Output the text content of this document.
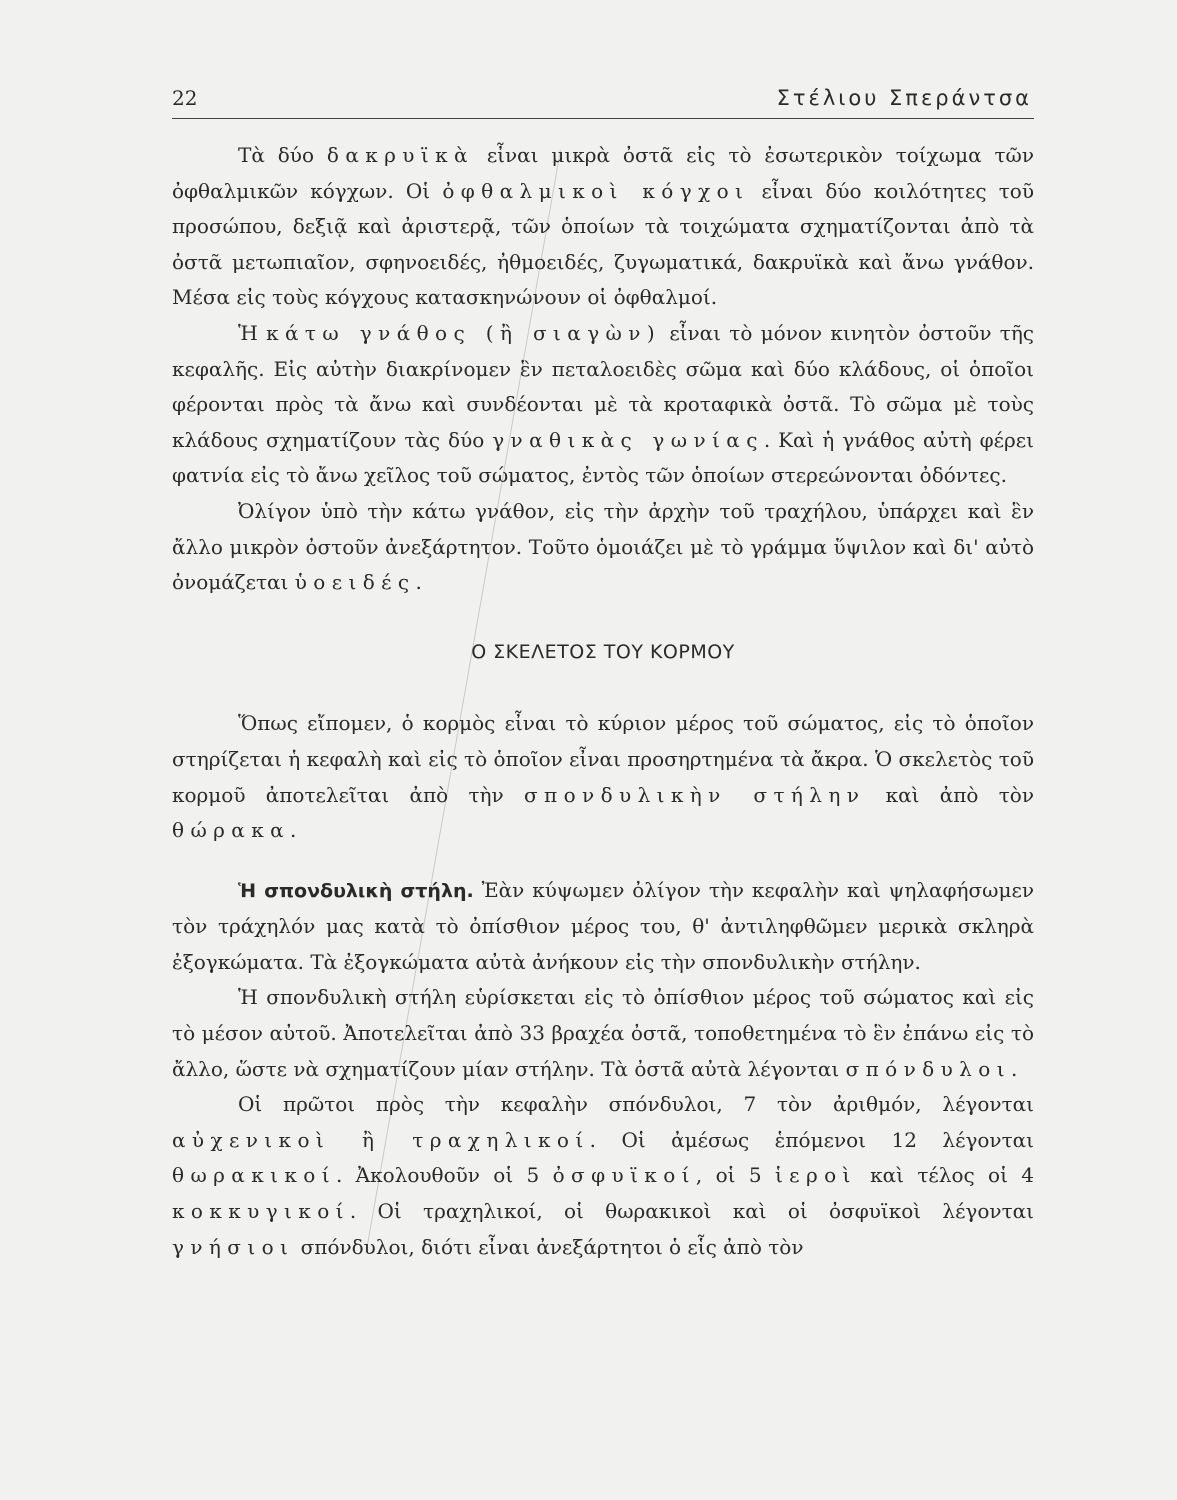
22	Στέλιου Σπεράντσα

Τὰ δύο δακρυϊκὰ εἶναι μικρὰ ὀστᾶ εἰς τὸ ἐσωτερικὸν τοίχωμα τῶν ὀφθαλμικῶν κόγχων. Οἱ ὀφθαλμικοὶ κόγχοι εἶναι δύο κοιλότητες τοῦ προσώπου, δεξιᾷ καὶ ἀριστερᾷ, τῶν ὁποίων τὰ τοιχώματα σχηματίζονται ἀπὸ τὰ ὀστᾶ μετωπιαῖον, σφηνοειδές, ἠθμοειδές, ζυγωματικά, δακρυϊκὰ καὶ ἄνω γνάθον. Μέσα εἰς τοὺς κόγχους κατασκηνώνουν οἱ ὀφθαλμοί.

Ἡ κάτω γνάθος (ἢ σιαγὼν) εἶναι τὸ μόνον κινητὸν ὀστοῦν τῆς κεφαλῆς. Εἰς αὐτὴν διακρίνομεν ἓν πεταλοειδὲς σῶμα καὶ δύο κλάδους, οἱ ὁποῖοι φέρονται πρὸς τὰ ἄνω καὶ συνδέονται μὲ τὰ κροταφικὰ ὀστᾶ. Τὸ σῶμα μὲ τοὺς κλάδους σχηματίζουν τὰς δύο γναθικὰς γωνίας. Καὶ ἡ γνάθος αὐτὴ φέρει φατνία εἰς τὸ ἄνω χεῖλος τοῦ σώματος, ἐντὸς τῶν ὁποίων στερεώνονται ὀδόντες.

Ὀλίγον ὑπὸ τὴν κάτω γνάθον, εἰς τὴν ἀρχὴν τοῦ τραχήλου, ὑπάρχει καὶ ἓν ἄλλο μικρὸν ὀστοῦν ἀνεξάρτητον. Τοῦτο ὁμοιάζει μὲ τὸ γράμμα ὕψιλον καὶ δι' αὐτὸ ὀνομάζεται ὑοειδές.

Ο ΣΚΕΛΕΤΟΣ ΤΟΥ ΚΟΡΜΟΥ

Ὅπως εἴπομεν, ὁ κορμὸς εἶναι τὸ κύριον μέρος τοῦ σώματος, εἰς τὸ ὁποῖον στηρίζεται ἡ κεφαλὴ καὶ εἰς τὸ ὁποῖον εἶναι προσηρτημένα τὰ ἄκρα. Ὁ σκελετὸς τοῦ κορμοῦ ἀποτελεῖται ἀπὸ τὴν σπονδυλικὴν στήλην καὶ ἀπὸ τὸν θώρακα.

Ἡ σπονδυλικὴ στήλη. Ἐὰν κύψωμεν ὀλίγον τὴν κεφαλὴν καὶ ψηλαφήσωμεν τὸν τράχηλόν μας κατὰ τὸ ὀπίσθιον μέρος του, θ' ἀντιληφθῶμεν μερικὰ σκληρὰ ἐξογκώματα. Τὰ ἐξογκώματα αὐτὰ ἀνήκουν εἰς τὴν σπονδυλικὴν στήλην.

Ἡ σπονδυλικὴ στήλη εὑρίσκεται εἰς τὸ ὀπίσθιον μέρος τοῦ σώματος καὶ εἰς τὸ μέσον αὐτοῦ. Ἀποτελεῖται ἀπὸ 33 βραχέα ὀστᾶ, τοποθετημένα τὸ ἓν ἐπάνω εἰς τὸ ἄλλο, ὥστε νὰ σχηματίζουν μίαν στήλην. Τὰ ὀστᾶ αὐτὰ λέγονται σπόνδυλοι.

Οἱ πρῶτοι πρὸς τὴν κεφαλὴν σπόνδυλοι, 7 τὸν ἀριθμόν, λέγονται αὐχενικοὶ ἢ τραχηλικοί. Οἱ ἀμέσως ἑπόμενοι 12 λέγονται θωρακικοί. Ἀκολουθοῦν οἱ 5 ὀσφυϊκοί, οἱ 5 ἱεροὶ καὶ τέλος οἱ 4 κοκκυγικοί. Οἱ τραχηλικοί, οἱ θωρακικοὶ καὶ οἱ ὀσφυϊκοὶ λέγονται γνήσιοι σπόνδυλοι, διότι εἶναι ἀνεξάρτητοι ὁ εἷς ἀπὸ τὸν
